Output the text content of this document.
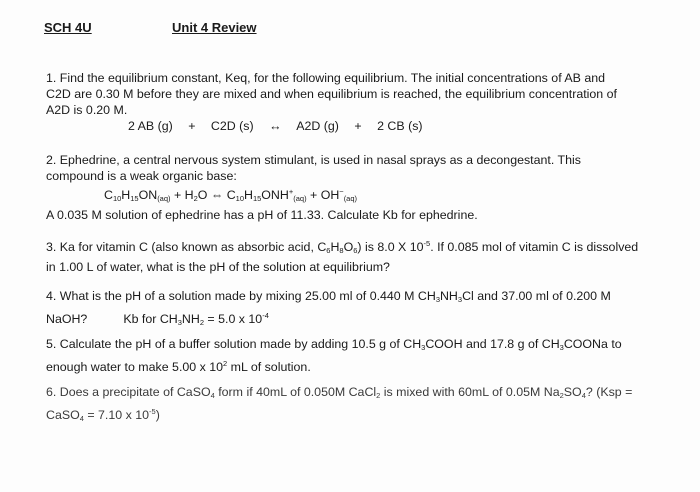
SCH 4U	Unit 4 Review
1. Find the equilibrium constant, Keq, for the following equilibrium. The initial concentrations of AB and
C2D are 0.30 M before they are mixed and when equilibrium is reached, the equilibrium concentration of
A2D is 0.20 M.
2 AB (g) + C2D (s) ↔ A2D (g) + 2 CB (s)
2. Ephedrine, a central nervous system stimulant, is used in nasal sprays as a decongestant. This
compound is a weak organic base:
$C_{10}H_{15}ON_{(aq)} + H_2O$ ⇔ $C_{10}H_{15}ONH^+_{(aq)} + OH^-_{(aq)}$
A 0.035 M solution of ephedrine has a pH of 11.33. Calculate Kb for ephedrine.
3. Ka for vitamin C (also known as absorbic acid, $C_6H_8O_6$) is 8.0 X $10^{-5}$. If 0.085 mol of vitamin C is dissolved
in 1.00 L of water, what is the pH of the solution at equilibrium?
4. What is the pH of a solution made by mixing 25.00 ml of 0.440 M $CH_3NH_3Cl$ and 37.00 ml of 0.200 M
NaOH?	Kb for $CH_3NH_2 = 5.0$ x $10^{-4}$
5. Calculate the pH of a buffer solution made by adding 10.5 g of $CH_3COOH$ and 17.8 g of $CH_3COONa$ to
enough water to make 5.00 x $10^2$ mL of solution.
6. Does a precipitate of CaSO$_4$ form if 40mL of 0.050M CaCl$_2$ is mixed with 60mL of 0.05M $Na_2SO_4$? (Ksp =
CaSO$_4$ = 7.10 x $10^{-5}$)
